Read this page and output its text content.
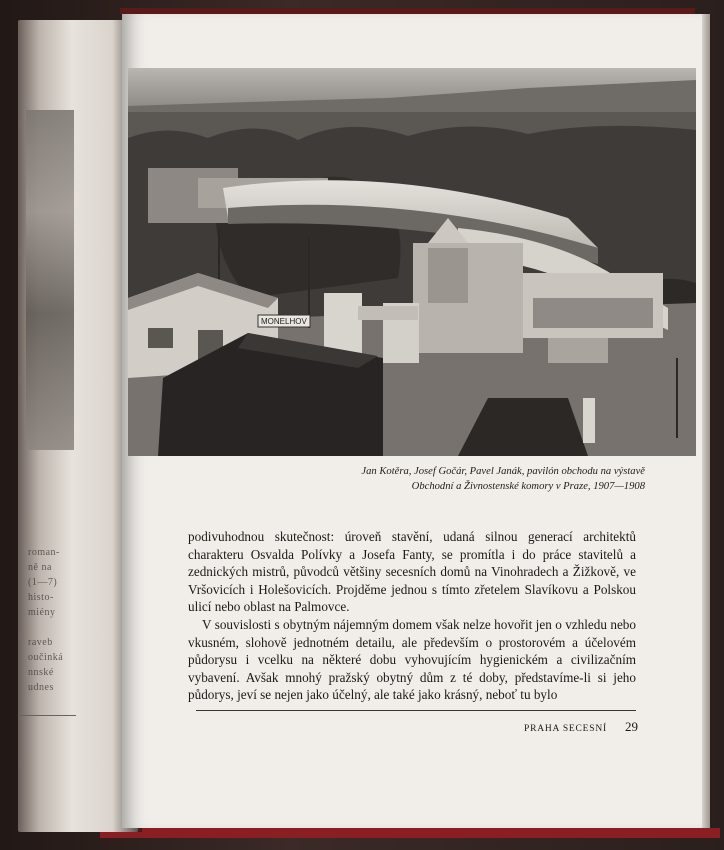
roman-
ně na
(1—7)
histo-
miény

raveb
oučinká
nnské
udnes
MONELHOV
Jan Kotěra, Josef Gočár, Pavel Janák, pavilón obchodu na výstavě
Obchodní a Živnostenské komory v Praze, 1907—1908

podivuhodnou skutečnost: úroveň stavění, udaná silnou generací architektů charakteru Osvalda Polívky a Josefa Fanty, se promítla i do práce stavitelů a zednických mistrů, původců většiny secesních domů na Vinohradech a Žižkově, ve Vršovicích i Holešovicích. Projděme jednou s tímto zřetelem Slavíkovu a Polskou ulicí nebo oblast na Palmovce.

V souvislosti s obytným nájemným domem však nelze hovořit jen o vzhledu nebo vkusném, slohově jednotném detailu, ale především o prostorovém a účelovém půdorysu i vcelku na některé dobu vyhovujícím hygienickém a civilizačním vybavení. Avšak mnohý pražský obytný dům z té doby, představíme-li si jeho půdorys, jeví se nejen jako účelný, ale také jako krásný, neboť tu bylo

PRAHA SECESNÍ 29
